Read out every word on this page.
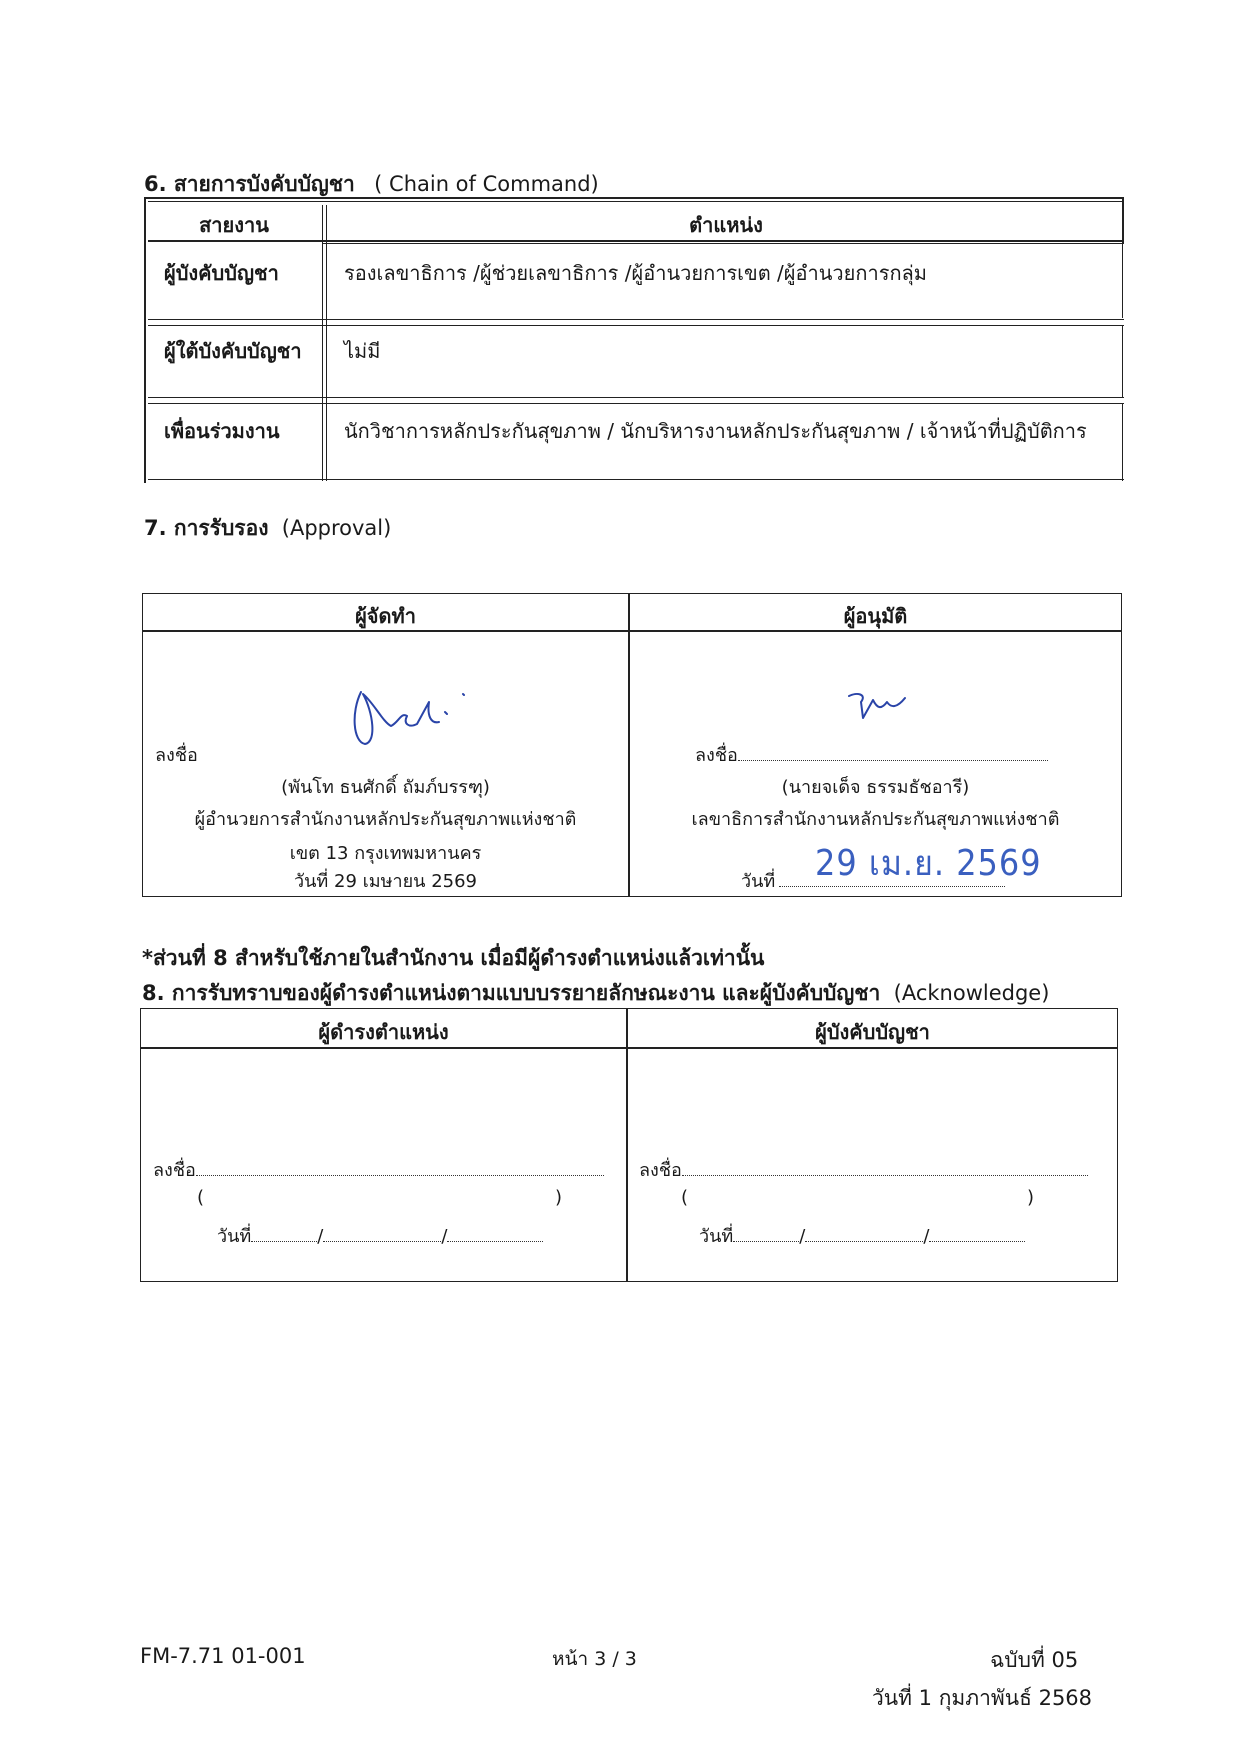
6. สายการบังคับบัญชา ( Chain of Command)
สายงาน	ตำแหน่ง
ผู้บังคับบัญชา	รองเลขาธิการ /ผู้ช่วยเลขาธิการ /ผู้อำนวยการเขต /ผู้อำนวยการกลุ่ม
ผู้ใต้บังคับบัญชา ไม่มี
เพื่อนร่วมงาน	นักวิชาการหลักประกันสุขภาพ / นักบริหารงานหลักประกันสุขภาพ / เจ้าหน้าที่ปฏิบัติการ
7. การรับรอง (Approval)
ผู้จัดทำ	ผู้อนุมัติ
ลงชื่อ
(พันโท ธนศักดิ์ ถัมภ์บรรฑุ)
ผู้อำนวยการสำนักงานหลักประกันสุขภาพแห่งชาติ
เขต 13 กรุงเทพมหานคร
วันที่ 29 เมษายน 2569
ลงชื่อ
(นายจเด็จ ธรรมธัชอารี)
เลขาธิการสำนักงานหลักประกันสุขภาพแห่งชาติ
วันที่	29 เม.ย. 2569
*ส่วนที่ 8 สำหรับใช้ภายในสำนักงาน เมื่อมีผู้ดำรงตำแหน่งแล้วเท่านั้น
8. การรับทราบของผู้ดำรงตำแหน่งตามแบบบรรยายลักษณะงาน และผู้บังคับบัญชา (Acknowledge)
ผู้ดำรงตำแหน่ง	ผู้บังคับบัญชา
ลงชื่อ
(	)
วันที่	/	/
ลงชื่อ
(	)
วันที่	/	/
FM-7.71 01-001	หน้า 3 / 3	ฉบับที่ 05
วันที่ 1 กุมภาพันธ์ 2568
